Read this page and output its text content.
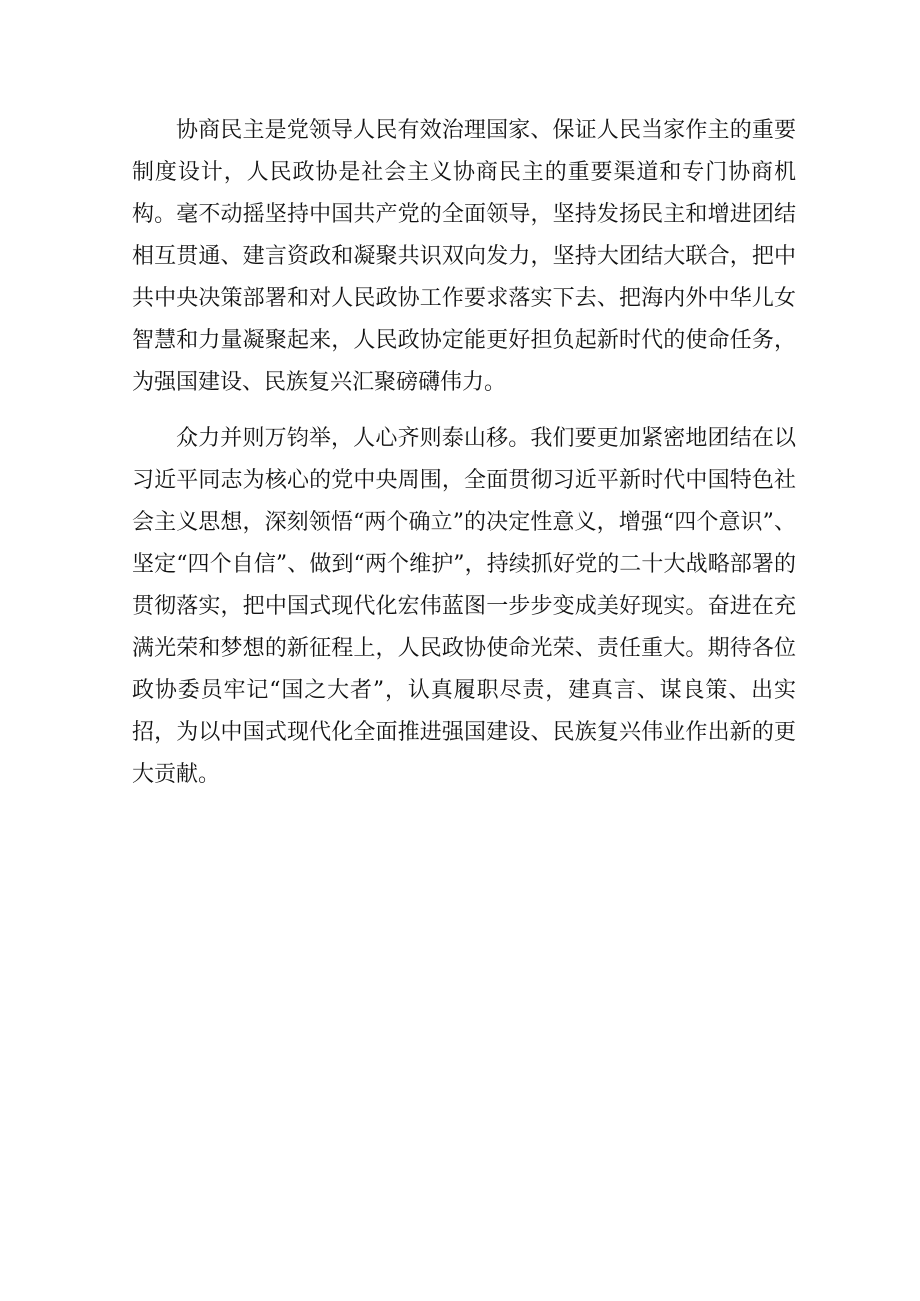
协商民主是党领导人民有效治理国家、保证人民当家作主的重要制度设计，人民政协是社会主义协商民主的重要渠道和专门协商机构。毫不动摇坚持中国共产党的全面领导，坚持发扬民主和增进团结相互贯通、建言资政和凝聚共识双向发力，坚持大团结大联合，把中共中央决策部署和对人民政协工作要求落实下去、把海内外中华儿女智慧和力量凝聚起来，人民政协定能更好担负起新时代的使命任务，为强国建设、民族复兴汇聚磅礴伟力。

众力并则万钧举，人心齐则泰山移。我们要更加紧密地团结在以习近平同志为核心的党中央周围，全面贯彻习近平新时代中国特色社会主义思想，深刻领悟“两个确立”的决定性意义，增强“四个意识”、坚定“四个自信”、做到“两个维护”，持续抓好党的二十大战略部署的贯彻落实，把中国式现代化宏伟蓝图一步步变成美好现实。奋进在充满光荣和梦想的新征程上，人民政协使命光荣、责任重大。期待各位政协委员牢记“国之大者”，认真履职尽责，建真言、谋良策、出实招，为以中国式现代化全面推进强国建设、民族复兴伟业作出新的更大贡献。
